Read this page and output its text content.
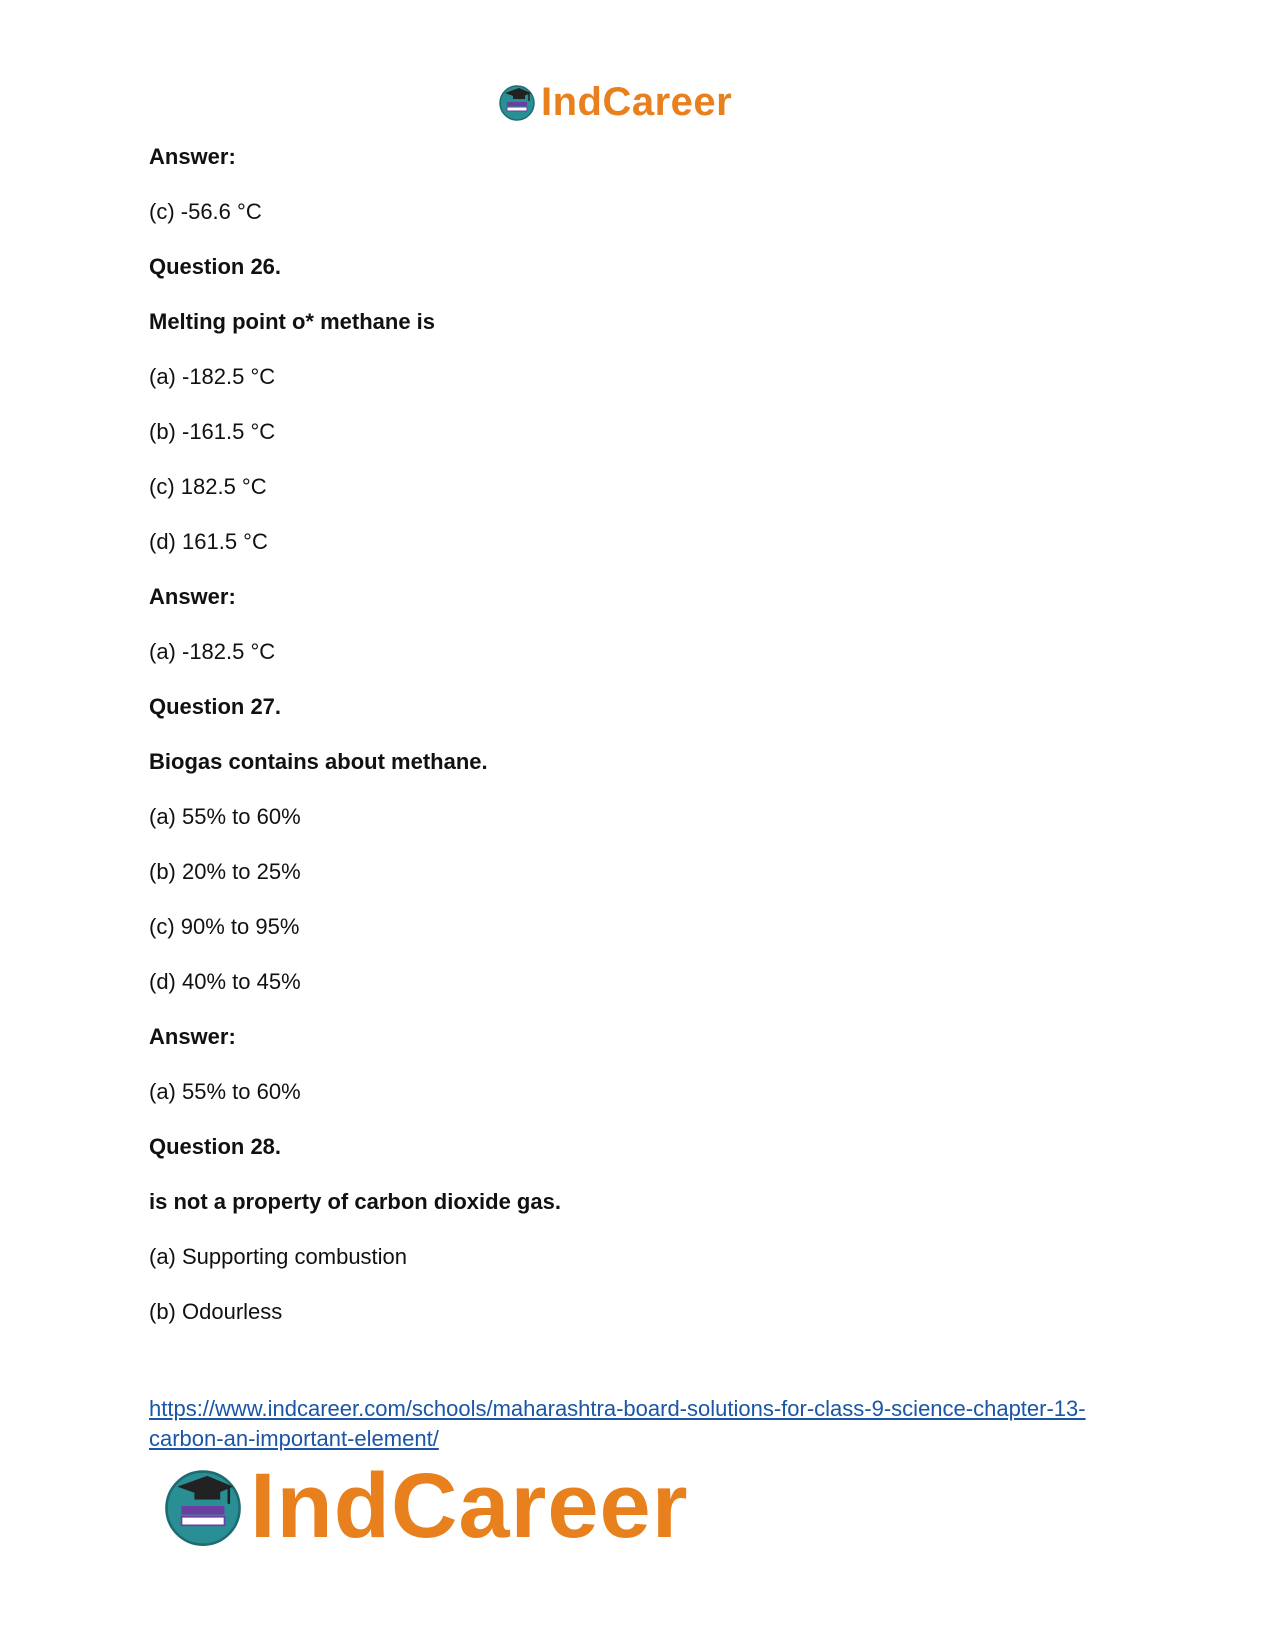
IndCareer
Answer:
(c) -56.6 °C
Question 26.
Melting point o* methane is
(a) -182.5 °C
(b) -161.5 °C
(c) 182.5 °C
(d) 161.5 °C
Answer:
(a) -182.5 °C
Question 27.
Biogas contains about methane.
(a) 55% to 60%
(b) 20% to 25%
(c) 90% to 95%
(d) 40% to 45%
Answer:
(a) 55% to 60%
Question 28.
is not a property of carbon dioxide gas.
(a) Supporting combustion
(b) Odourless
https://www.indcareer.com/schools/maharashtra-board-solutions-for-class-9-science-chapter-13-
carbon-an-important-element/
IndCareer
